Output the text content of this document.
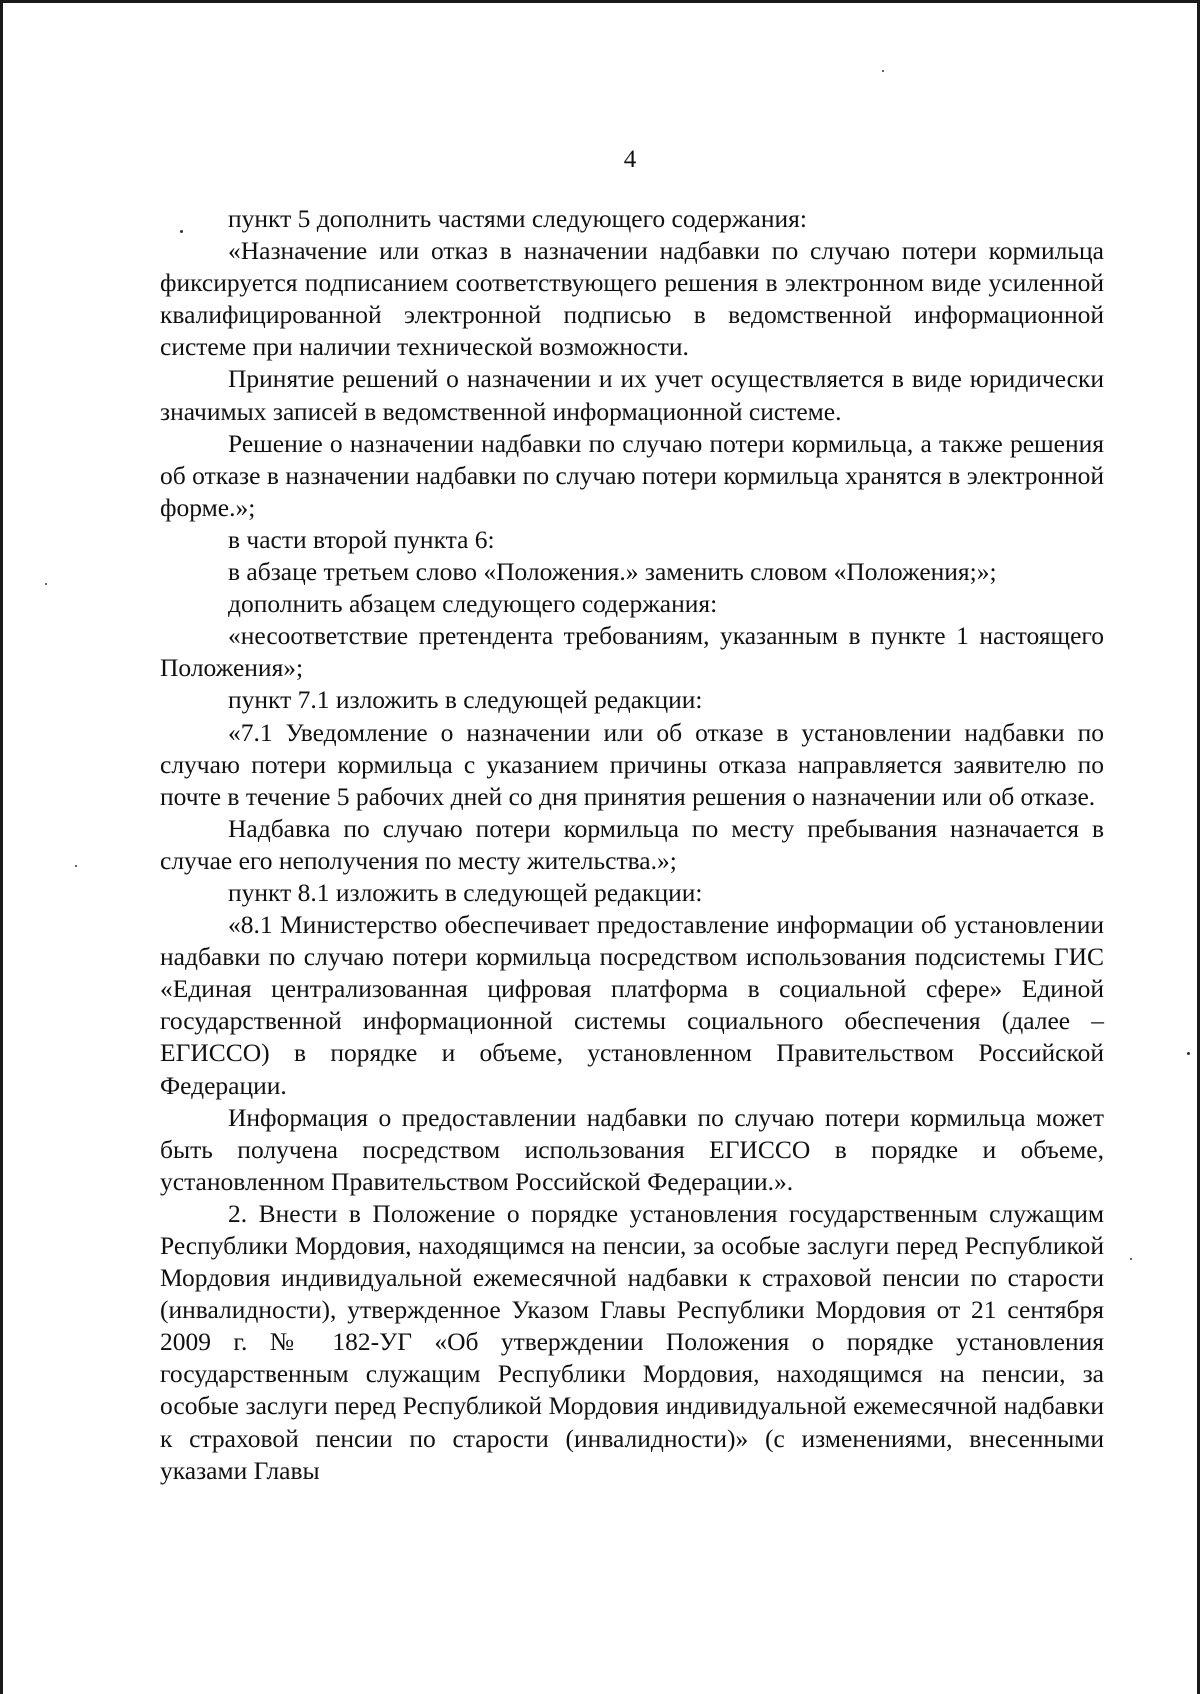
4

пункт 5 дополнить частями следующего содержания:

«Назначение или отказ в назначении надбавки по случаю потери кормильца фиксируется подписанием соответствующего решения в электронном виде усиленной квалифицированной электронной подписью в ведомственной информационной системе при наличии технической возможности.

Принятие решений о назначении и их учет осуществляется в виде юридически значимых записей в ведомственной информационной системе.

Решение о назначении надбавки по случаю потери кормильца, а также решения об отказе в назначении надбавки по случаю потери кормильца хранятся в электронной форме.»;

в части второй пункта 6:

в абзаце третьем слово «Положения.» заменить словом «Положения;»;

дополнить абзацем следующего содержания:

«несоответствие претендента требованиям, указанным в пункте 1 настоящего Положения»;

пункт 7.1 изложить в следующей редакции:

«7.1 Уведомление о назначении или об отказе в установлении надбавки по случаю потери кормильца с указанием причины отказа направляется заявителю по почте в течение 5 рабочих дней со дня принятия решения о назначении или об отказе.

Надбавка по случаю потери кормильца по месту пребывания назначается в случае его неполучения по месту жительства.»;

пункт 8.1 изложить в следующей редакции:

«8.1 Министерство обеспечивает предоставление информации об установлении надбавки по случаю потери кормильца посредством использования подсистемы ГИС «Единая централизованная цифровая платформа в социальной сфере» Единой государственной информационной системы социального обеспечения (далее – ЕГИССО) в порядке и объеме, установленном Правительством Российской Федерации.

Информация о предоставлении надбавки по случаю потери кормильца может быть получена посредством использования ЕГИССО в порядке и объеме, установленном Правительством Российской Федерации.».

2. Внести в Положение о порядке установления государственным служащим Республики Мордовия, находящимся на пенсии, за особые заслуги перед Республикой Мордовия индивидуальной ежемесячной надбавки к страховой пенсии по старости (инвалидности), утвержденное Указом Главы Республики Мордовия от 21 сентября 2009 г. № 182-УГ «Об утверждении Положения о порядке установления государственным служащим Республики Мордовия, находящимся на пенсии, за особые заслуги перед Республикой Мордовия индивидуальной ежемесячной надбавки к страховой пенсии по старости (инвалидности)» (с изменениями, внесенными указами Главы
